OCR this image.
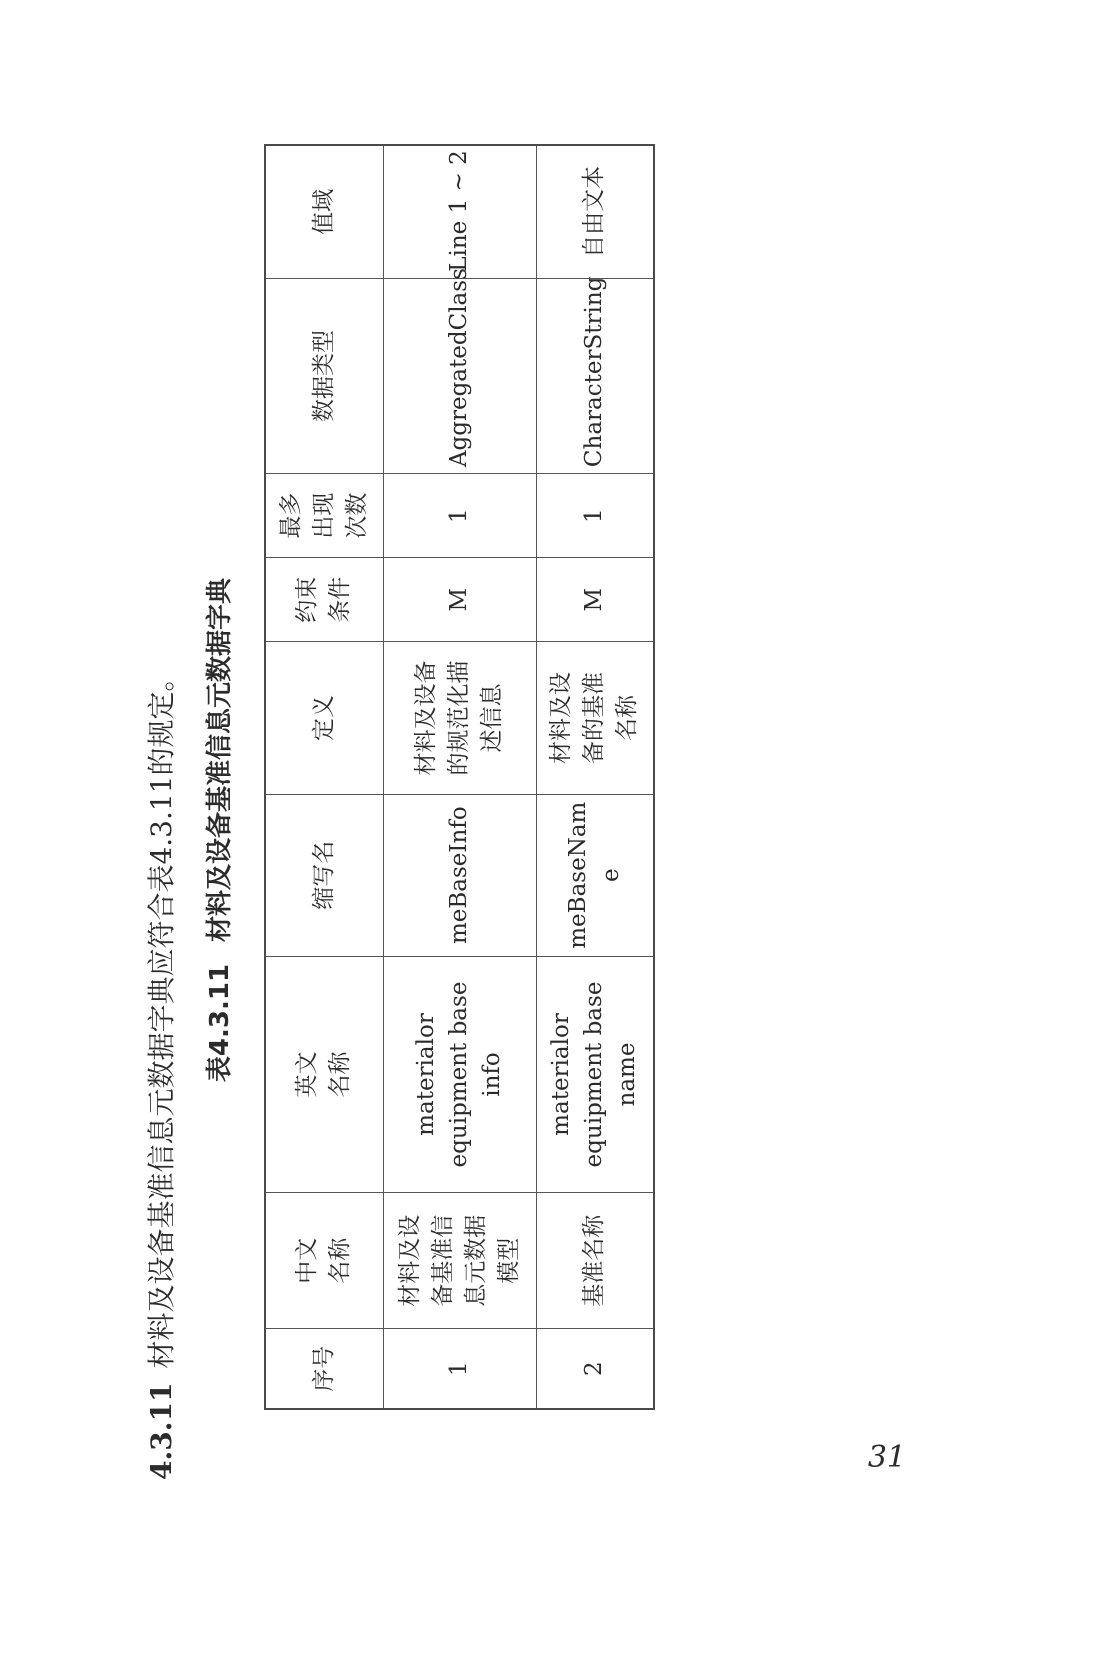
4.3.11材料及设备基准信息元数据字典应符合表4.3.11的规定。 表4.3.11材料及设备基准信息元数据字典
序号	中文名称	英文名称	缩写名	定义	约束条件	最多出现次数	数据类型	值域
1	材料及设备基准信息元数据模型	materialor equipment base info	meBaseInfo	材料及设备的规范化描述信息	M	1	AggregatedClass	Line 1 ~ 2
2	基准名称	materialor equipment base name	meBaseName	材料及设备的基准名称	M	1	CharacterString	自由文本
31
